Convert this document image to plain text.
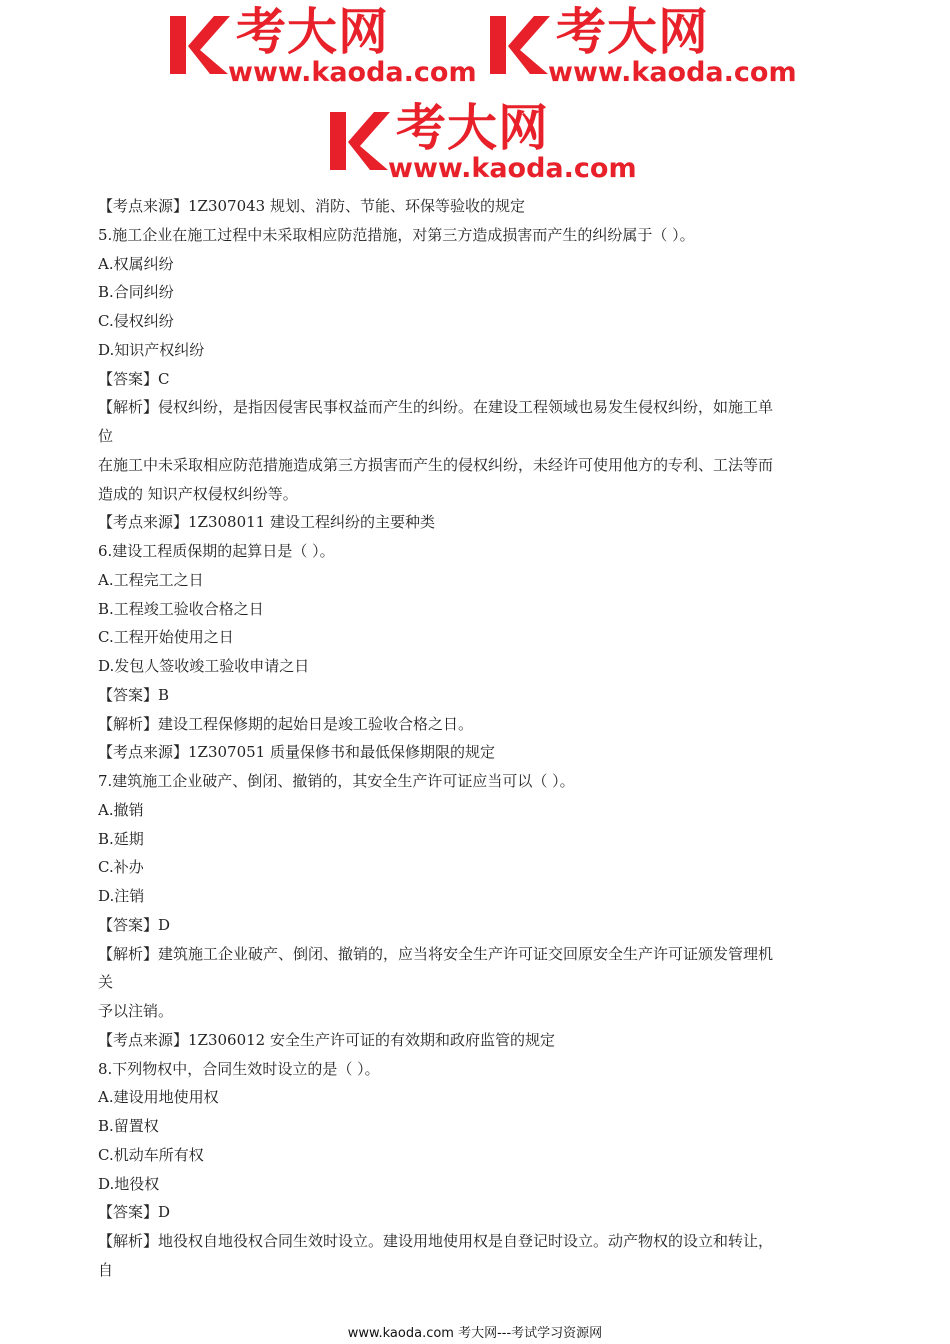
考大网
www.kaoda.com
考大网
www.kaoda.com
考大网
www.kaoda.com
【考点来源】1Z307043 规划、消防、节能、环保等验收的规定
5.施工企业在施工过程中未采取相应防范措施，对第三方造成损害而产生的纠纷属于（ ）。
A.权属纠纷
B.合同纠纷
C.侵权纠纷
D.知识产权纠纷
【答案】C
【解析】侵权纠纷，是指因侵害民事权益而产生的纠纷。在建设工程领域也易发生侵权纠纷，如施工单
位
在施工中未采取相应防范措施造成第三方损害而产生的侵权纠纷，未经许可使用他方的专利、工法等而
造成的 知识产权侵权纠纷等。
【考点来源】1Z308011 建设工程纠纷的主要种类
6.建设工程质保期的起算日是（ ）。
A.工程完工之日
B.工程竣工验收合格之日
C.工程开始使用之日
D.发包人签收竣工验收申请之日
【答案】B
【解析】建设工程保修期的起始日是竣工验收合格之日。
【考点来源】1Z307051 质量保修书和最低保修期限的规定
7.建筑施工企业破产、倒闭、撤销的，其安全生产许可证应当可以（ ）。
A.撤销
B.延期
C.补办
D.注销
【答案】D
【解析】建筑施工企业破产、倒闭、撤销的，应当将安全生产许可证交回原安全生产许可证颁发管理机
关
予以注销。
【考点来源】1Z306012 安全生产许可证的有效期和政府监管的规定
8.下列物权中，合同生效时设立的是（ ）。
A.建设用地使用权
B.留置权
C.机动车所有权
D.地役权
【答案】D
【解析】地役权自地役权合同生效时设立。建设用地使用权是自登记时设立。动产物权的设立和转让，
自
www.kaoda.com 考大网---考试学习资源网
